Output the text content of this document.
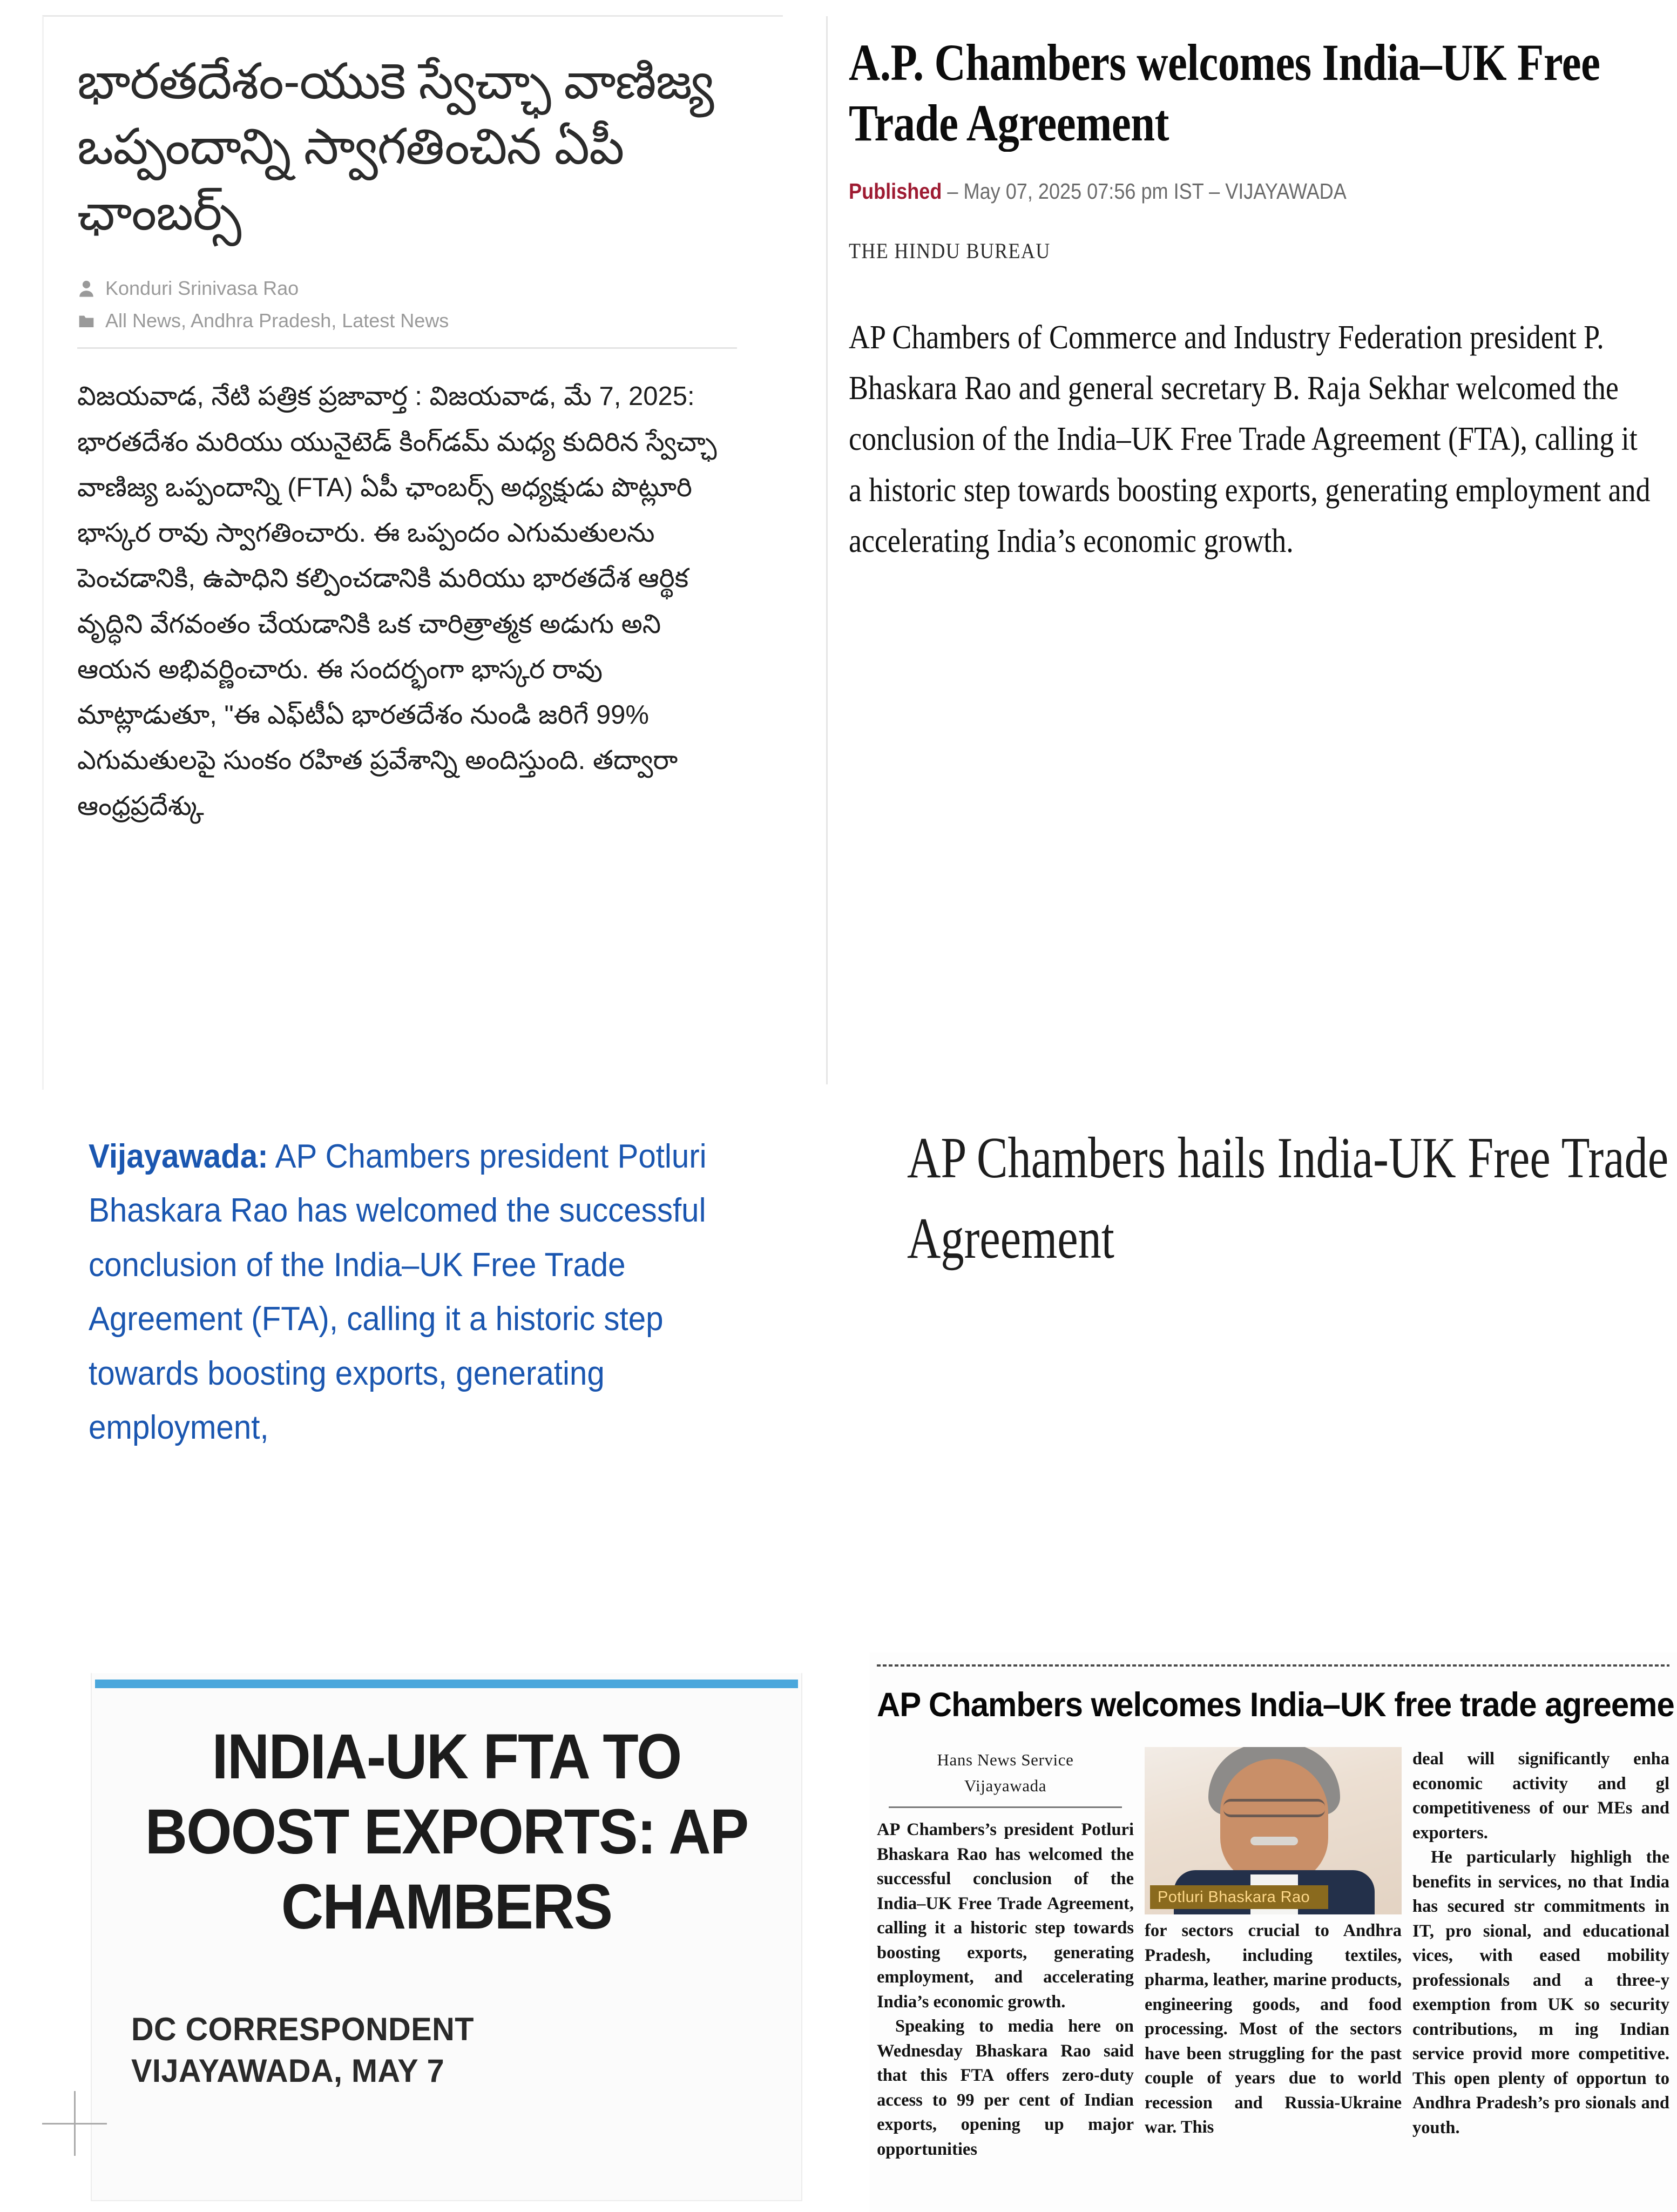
భారతదేశం-యుకె స్వేచ్ఛా వాణిజ్య ఒప్పందాన్ని స్వాగతించిన ఏపీ ఛాంబర్స్
Konduri Srinivasa Rao
All News, Andhra Pradesh, Latest News
విజయవాడ, నేటి పత్రిక ప్రజావార్త : విజయవాడ, మే 7, 2025: భారతదేశం మరియు యునైటెడ్ కింగ్‌డమ్ మధ్య కుదిరిన స్వేచ్ఛా వాణిజ్య ఒప్పందాన్ని (FTA) ఏపీ ఛాంబర్స్ అధ్యక్షుడు పొట్లూరి భాస్కర రావు స్వాగతించారు. ఈ ఒప్పందం ఎగుమతులను పెంచడానికి, ఉపాధిని కల్పించడానికి మరియు భారతదేశ ఆర్థిక వృద్ధిని వేగవంతం చేయడానికి ఒక చారిత్రాత్మక అడుగు అని ఆయన అభివర్ణించారు. ఈ సందర్భంగా భాస్కర రావు మాట్లాడుతూ, "ఈ ఎఫ్‌టీఏ భారతదేశం నుండి జరిగే 99% ఎగుమతులపై సుంకం రహిత ప్రవేశాన్ని అందిస్తుంది. తద్వారా ఆంధ్రప్రదేశ్కు
A.P. Chambers welcomes India–UK Free Trade Agreement
Published – May 07, 2025 07:56 pm IST – VIJAYAWADA
THE HINDU BUREAU
AP Chambers of Commerce and Industry Federation president P. Bhaskara Rao and general secretary B. Raja Sekhar welcomed the conclusion of the India–UK Free Trade Agreement (FTA), calling it a historic step towards boosting exports, generating employment and accelerating India’s economic growth.
Vijayawada: AP Chambers president Potluri Bhaskara Rao has welcomed the successful conclusion of the India–UK Free Trade Agreement (FTA), calling it a historic step towards boosting exports, generating employment,
AP Chambers hails India-UK Free Trade Agreement
INDIA-UK FTA TO BOOST EXPORTS: AP CHAMBERS
DC CORRESPONDENT
VIJAYAWADA, MAY 7
AP Chambers welcomes India–UK free trade agreeme
Hans News Service
Vijayawada

AP Chambers’s president Potluri Bhaskara Rao has welcomed the successful conclusion of the India–UK Free Trade Agreement, calling it a historic step towards boosting exports, generating employment, and accelerating India’s economic growth.

Speaking to media here on Wednesday Bhaskara Rao said that this FTA offers zero-duty access to 99 per cent of Indian exports, opening up major opportunities

Potluri Bhaskara Rao

for sectors crucial to Andhra Pradesh, including textiles, pharma, leather, marine products, engineering goods, and food processing. Most of the sectors have been struggling for the past couple of years due to world recession and Russia-Ukraine war. This

deal will significantly enha economic activity and gl competitiveness of our MEs and exporters.

He particularly highligh the benefits in services, no that India has secured str commitments in IT, pro sional, and educational vices, with eased mobility professionals and a three-y exemption from UK so security contributions, m ing Indian service provid more competitive. This open plenty of opportun to Andhra Pradesh’s pro sionals and youth.
